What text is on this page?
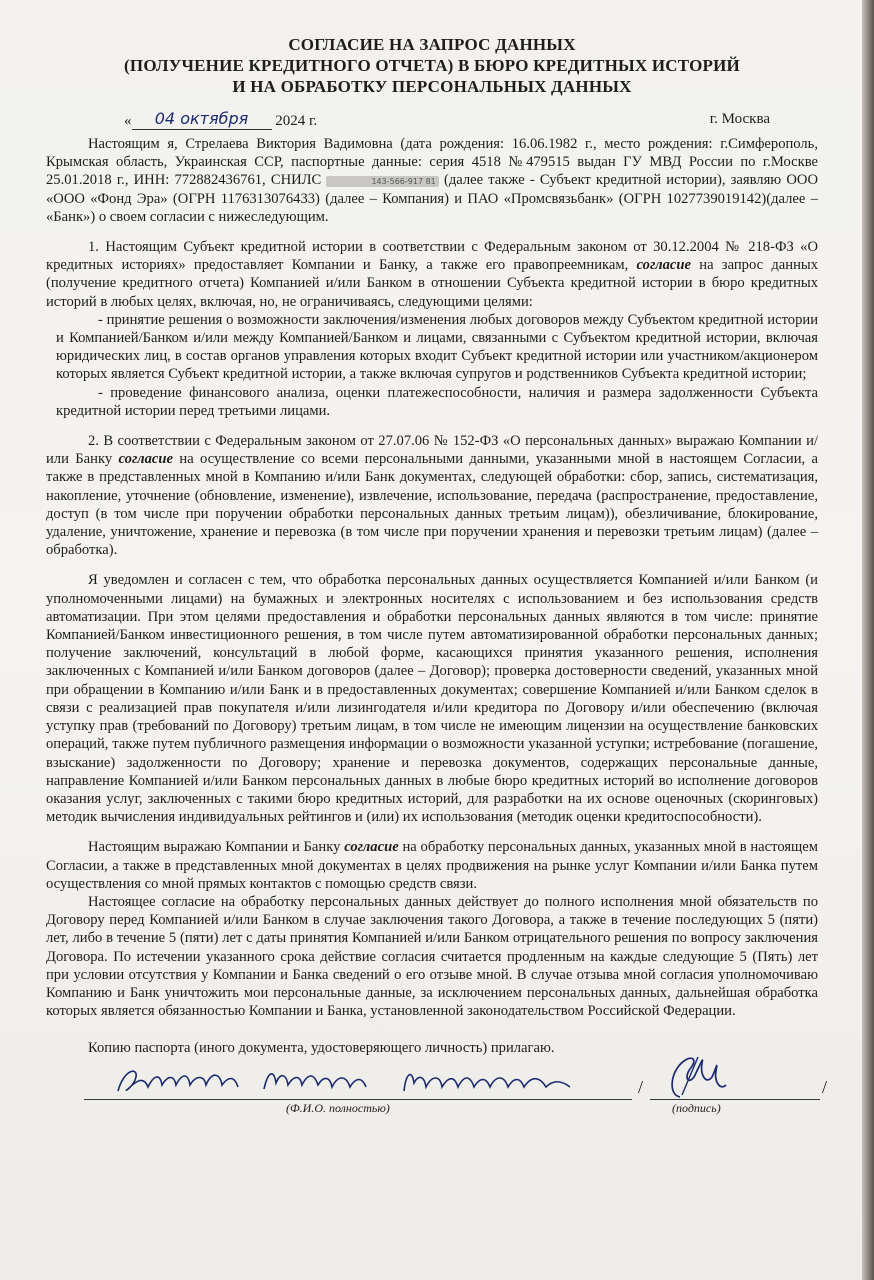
СОГЛАСИЕ НА ЗАПРОС ДАННЫХ
(ПОЛУЧЕНИЕ КРЕДИТНОГО ОТЧЕТА) В БЮРО КРЕДИТНЫХ ИСТОРИЙ
И НА ОБРАБОТКУ ПЕРСОНАЛЬНЫХ ДАННЫХ
« 04 октября 2024 г.	г. Москва

Настоящим я, Стрелаева Виктория Вадимовна (дата рождения: 16.06.1982 г., место рождения: г.Симферополь, Крымская область, Украинская ССР, паспортные данные: серия 4518 №479515 выдан ГУ МВД России по г.Москве 25.01.2018 г., ИНН: 772882436761, СНИЛС	143-566-917 81 (далее также - Субъект кредитной истории), заявляю ООО «ООО «Фонд Эра» (ОГРН 1176313076433) (далее – Компания) и ПАО «Промсвязьбанк» (ОГРН 1027739019142)(далее – «Банк») о своем согласии с нижеследующим.

1. Настоящим Субъект кредитной истории в соответствии с Федеральным законом от 30.12.2004 № 218-ФЗ «О кредитных историях» предоставляет Компании и Банку, а также его правопреемникам, согласие на запрос данных (получение кредитного отчета) Компанией и/или Банком в отношении Субъекта кредитной истории в бюро кредитных историй в любых целях, включая, но, не ограничиваясь, следующими целями:

- принятие решения о возможности заключения/изменения любых договоров между Субъектом кредитной истории и Компанией/Банком и/или между Компанией/Банком и лицами, связанными с Субъектом кредитной истории, включая юридических лиц, в состав органов управления которых входит Субъект кредитной истории или участником/акционером которых является Субъект кредитной истории, а также включая супругов и родственников Субъекта кредитной истории;

- проведение финансового анализа, оценки платежеспособности, наличия и размера задолженности Субъекта кредитной истории перед третьими лицами.

2. В соответствии с Федеральным законом от 27.07.06 № 152-ФЗ «О персональных данных» выражаю Компании и/или Банку согласие на осуществление со всеми персональными данными, указанными мной в настоящем Согласии, а также в представленных мной в Компанию и/или Банк документах, следующей обработки: сбор, запись, систематизация, накопление, уточнение (обновление, изменение), извлечение, использование, передача (распространение, предоставление, доступ (в том числе при поручении обработки персональных данных третьим лицам)), обезличивание, блокирование, удаление, уничтожение, хранение и перевозка (в том числе при поручении хранения и перевозки третьим лицам) (далее – обработка).

Я уведомлен и согласен с тем, что обработка персональных данных осуществляется Компанией и/или Банком (и уполномоченными лицами) на бумажных и электронных носителях с использованием и без использования средств автоматизации. При этом целями предоставления и обработки персональных данных являются в том числе: принятие Компанией/Банком инвестиционного решения, в том числе путем автоматизированной обработки персональных данных; получение заключений, консультаций в любой форме, касающихся принятия указанного решения, исполнения заключенных с Компанией и/или Банком договоров (далее – Договор); проверка достоверности сведений, указанных мной при обращении в Компанию и/или Банк и в предоставленных документах; совершение Компанией и/или Банком сделок в связи с реализацией прав покупателя и/или лизингодателя и/или кредитора по Договору и/или обеспечению (включая уступку прав (требований по Договору) третьим лицам, в том числе не имеющим лицензии на осуществление банковских операций, также путем публичного размещения информации о возможности указанной уступки; истребование (погашение, взыскание) задолженности по Договору; хранение и перевозка документов, содержащих персональные данные, направление Компанией и/или Банком персональных данных в любые бюро кредитных историй во исполнение договоров оказания услуг, заключенных с такими бюро кредитных историй, для разработки на их основе оценочных (скоринговых) методик вычисления индивидуальных рейтингов и (или) их использования (методик оценки кредитоспособности).

Настоящим выражаю Компании и Банку согласие на обработку персональных данных, указанных мной в настоящем Согласии, а также в представленных мной документах в целях продвижения на рынке услуг Компании и/или Банка путем осуществления со мной прямых контактов с помощью средств связи.

Настоящее согласие на обработку персональных данных действует до полного исполнения мной обязательств по Договору перед Компанией и/или Банком в случае заключения такого Договора, а также в течение последующих 5 (пяти) лет, либо в течение 5 (пяти) лет с даты принятия Компанией и/или Банком отрицательного решения по вопросу заключения Договора. По истечении указанного срока действие согласия считается продленным на каждые следующие 5 (Пять) лет при условии отсутствия у Компании и Банка сведений о его отзыве мной. В случае отзыва мной согласия уполномочиваю Компанию и Банк уничтожить мои персональные данные, за исключением персональных данных, дальнейшая обработка которых является обязанностью Компании и Банка, установленной законодательством Российской Федерации.

Копию паспорта (иного документа, удостоверяющего личность) прилагаю.
/	/
(Ф.И.О. полностью)	(подпись)
